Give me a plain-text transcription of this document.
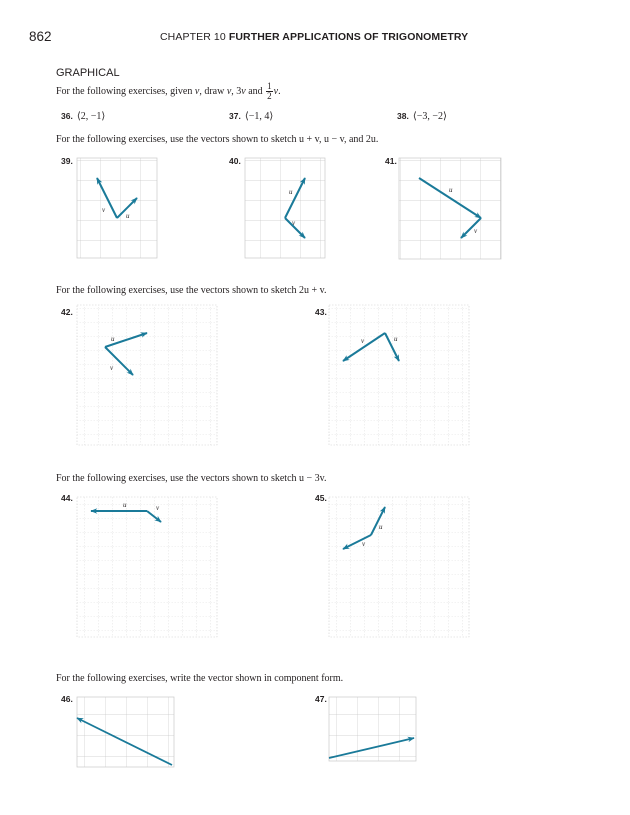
862	CHAPTER 10 FURTHER APPLICATIONS OF TRIGONOMETRY
GRAPHICAL
For the following exercises, given v, draw v, 3v and $\frac{1}{2} v$.
36. ⟨2, −1⟩	37. ⟨−1, 4⟩	38. ⟨−3, −2⟩
For the following exercises, use the vectors shown to sketch u + v, u − v, and 2u.
39.	40.	41.
v
u
u
v
u
v
u
v
v	u
u	v
u
v
For the following exercises, use the vectors shown to sketch 2u + v.
42.	43.
For the following exercises, use the vectors shown to sketch u − 3v.
44.	45.
For the following exercises, write the vector shown in component form.
46.	47.
